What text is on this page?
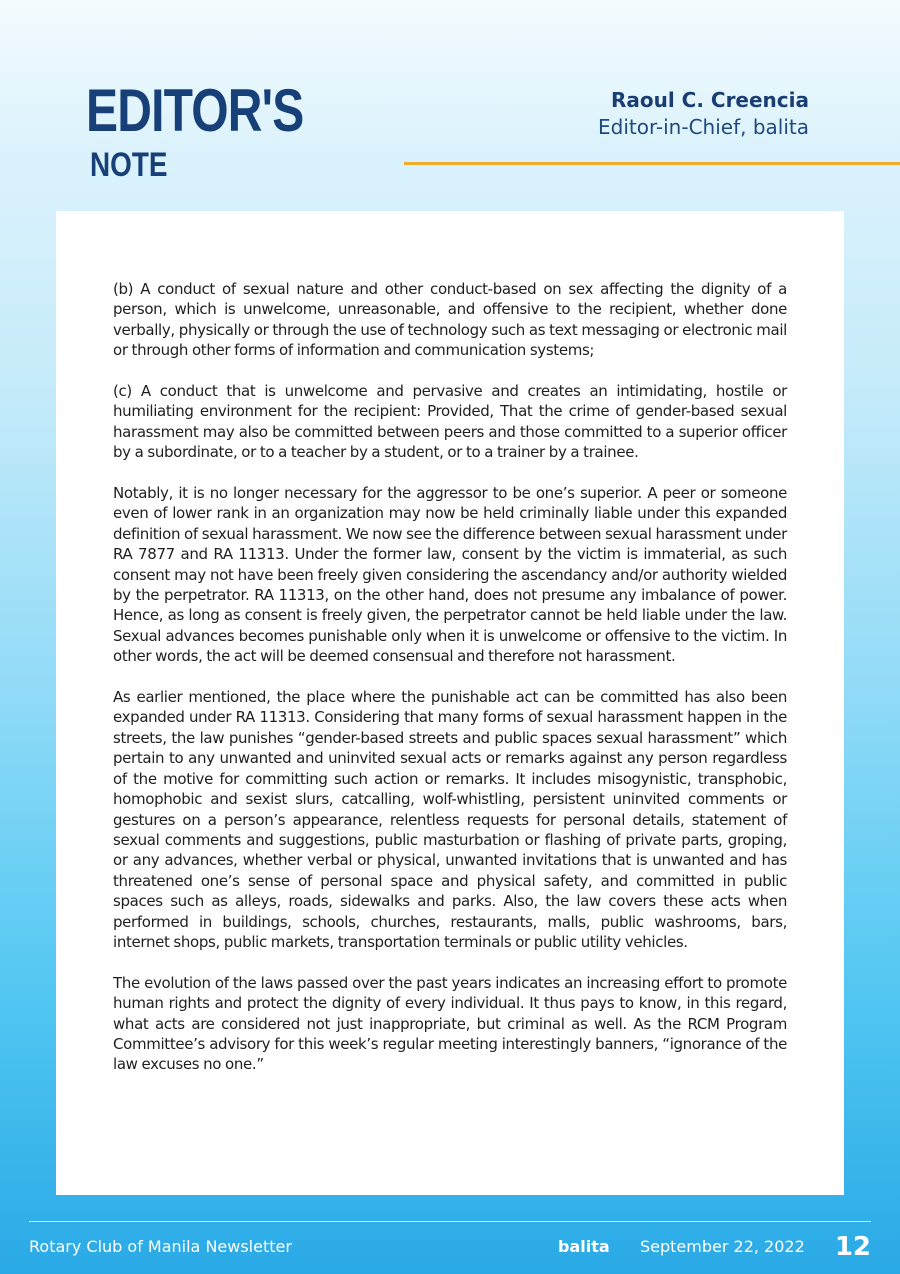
EDITOR'S
NOTE
Raoul C. Creencia
Editor-in-Chief, balita

(b) A conduct of sexual nature and other conduct-based on sex affecting the dignity of a person, which is unwelcome, unreasonable, and offensive to the recipient, whether done verbally, physically or through the use of technology such as text messaging or electronic mail or through other forms of information and communication systems;

(c) A conduct that is unwelcome and pervasive and creates an intimidating, hostile or humiliating environment for the recipient: Provided, That the crime of gender-based sexual harassment may also be committed between peers and those committed to a superior officer by a subordinate, or to a teacher by a student, or to a trainer by a trainee.

Notably, it is no longer necessary for the aggressor to be one’s superior. A peer or someone even of lower rank in an organization may now be held criminally liable under this expanded definition of sexual harassment. We now see the difference between sexual harassment under RA 7877 and RA 11313. Under the former law, consent by the victim is immaterial, as such consent may not have been freely given considering the ascendancy and/or authority wielded by the perpetrator. RA 11313, on the other hand, does not presume any imbalance of power. Hence, as long as consent is freely given, the perpetrator cannot be held liable under the law. Sexual advances becomes punishable only when it is unwelcome or offensive to the victim. In other words, the act will be deemed consensual and therefore not harassment.

As earlier mentioned, the place where the punishable act can be committed has also been expanded under RA 11313. Considering that many forms of sexual harassment happen in the streets, the law punishes “gender-based streets and public spaces sexual harassment” which pertain to any unwanted and uninvited sexual acts or remarks against any person regardless of the motive for committing such action or remarks. It includes misogynistic, transphobic, homophobic and sexist slurs, catcalling, wolf-whistling, persistent uninvited comments or gestures on a person’s appearance, relentless requests for personal details, statement of sexual comments and suggestions, public masturbation or flashing of private parts, groping, or any advances, whether verbal or physical, unwanted invitations that is unwanted and has threatened one’s sense of personal space and physical safety, and committed in public spaces such as alleys, roads, sidewalks and parks. Also, the law covers these acts when performed in buildings, schools, churches, restaurants, malls, public washrooms, bars, internet shops, public markets, transportation terminals or public utility vehicles.

The evolution of the laws passed over the past years indicates an increasing effort to promote human rights and protect the dignity of every individual. It thus pays to know, in this regard, what acts are considered not just inappropriate, but criminal as well. As the RCM Program Committee’s advisory for this week’s regular meeting interestingly banners, “ignorance of the law excuses no one.”

Rotary Club of Manila Newsletter	balita September 22, 2022 12
